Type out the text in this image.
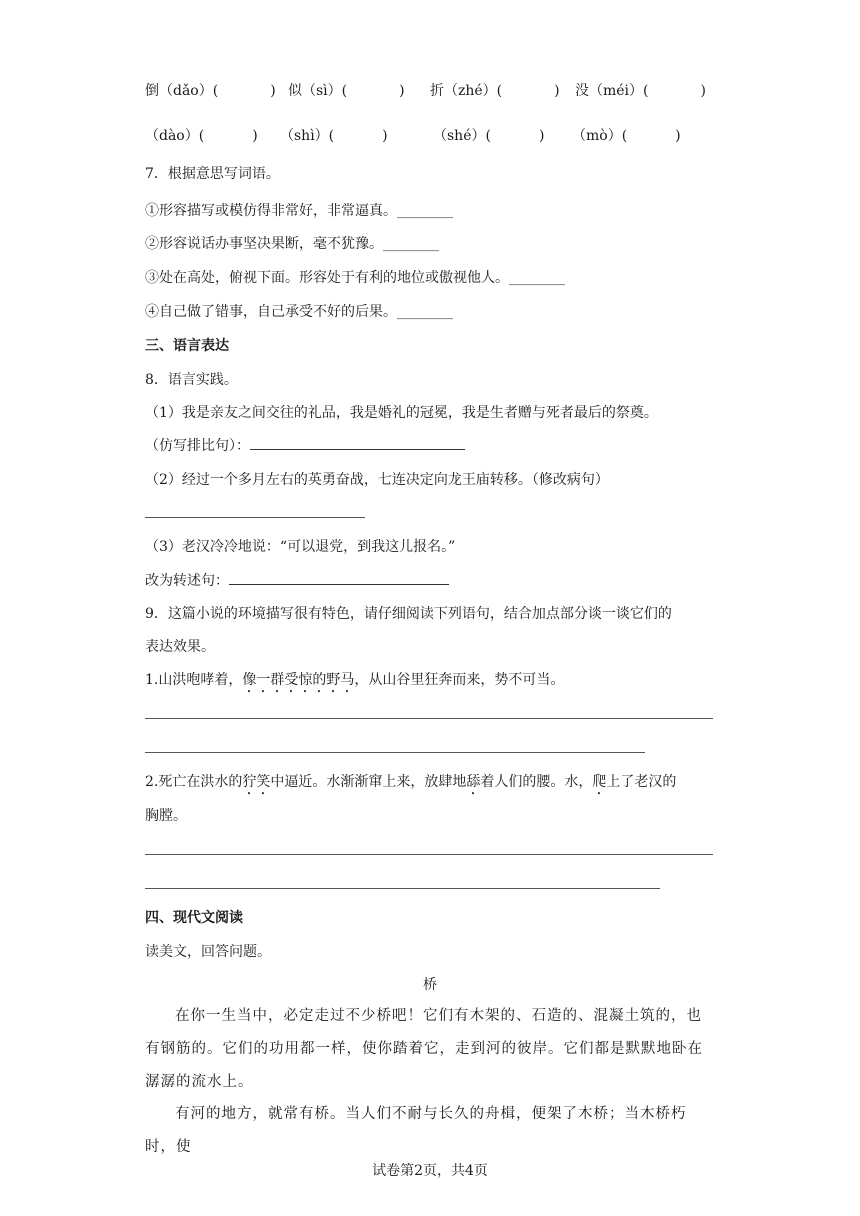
倒（dǎo）(	) 似（sì）(	) 折（zhé）(	) 没（méi）(	)
（dào）(	) （shì）(	)	（shé）(	) （mò）(	)
7．根据意思写词语。
①形容描写或模仿得非常好，非常逼真。________
②形容说话办事坚决果断，毫不犹豫。________
③处在高处，俯视下面。形容处于有利的地位或傲视他人。________
④自己做了错事，自己承受不好的后果。________
三、语言表达
8．语言实践。
（1）我是亲友之间交往的礼品，我是婚礼的冠冕，我是生者赠与死者最后的祭奠。
（仿写排比句）：
（2）经过一个多月左右的英勇奋战，七连决定向龙王庙转移。（修改病句）
（3）老汉冷冷地说：“可以退党，到我这儿报名。”
改为转述句：
9．这篇小说的环境描写很有特色，请仔细阅读下列语句，结合加点部分谈一谈它们的
表达效果。
1.山洪咆哮着，像一群受惊的野马，从山谷里狂奔而来，势不可当。
2.死亡在洪水的狞笑中逼近。水渐渐窜上来，放肆地舔着人们的腰。水，爬上了老汉的
胸膛。
四、现代文阅读
读美文，回答问题。
桥
在你一生当中，必定走过不少桥吧！它们有木架的、石造的、混凝土筑的，也有钢筋的。它们的功用都一样，使你踏着它，走到河的彼岸。它们都是默默地卧在潺潺的流水上。
有河的地方，就常有桥。当人们不耐与长久的舟楫，便架了木桥；当木桥朽时，使
试卷第2页，共4页
